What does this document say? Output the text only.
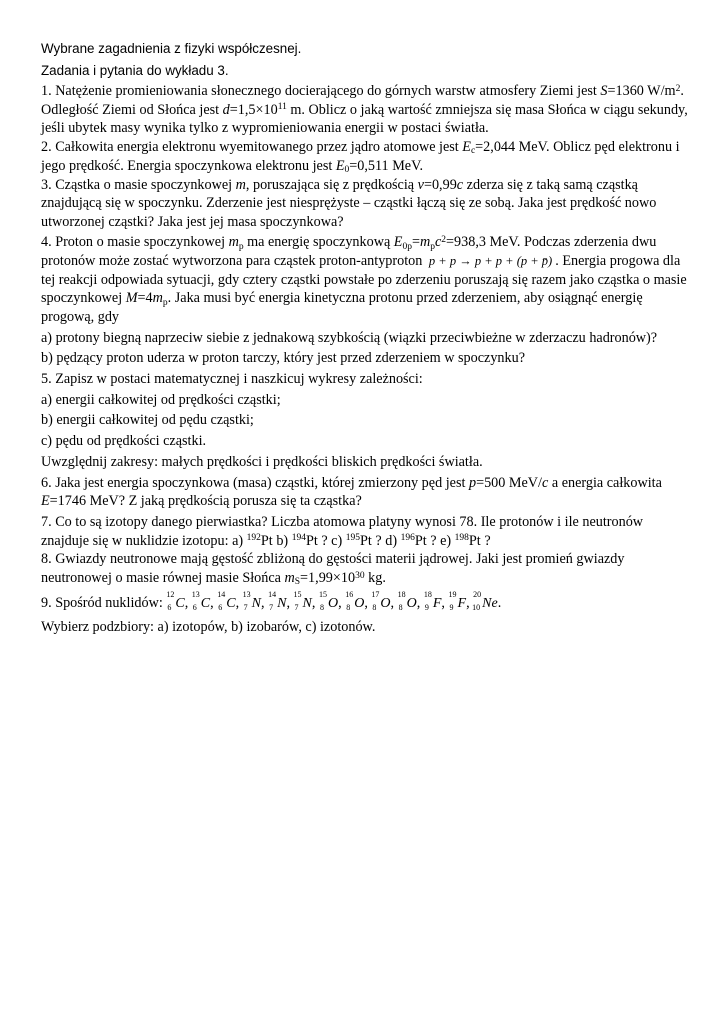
Wybrane zagadnienia z fizyki współczesnej.
Zadania i pytania do wykładu 3.
1. Natężenie promieniowania słonecznego docierającego do górnych warstw atmosfery Ziemi jest S=1360 $W/m^2$. Odległość Ziemi od Słońca jest $d=1,5\times 10^{11}$ m. Oblicz o jaką wartość zmniejsza się masa Słońca w ciągu sekundy, jeśli ubytek masy wynika tylko z wypromieniowania energii w postaci światła.
2. Całkowita energia elektronu wyemitowanego przez jądro atomowe jest $E_c=2,044$ MeV. Oblicz pęd elektronu i jego prędkość. Energia spoczynkowa elektronu jest $E_0=0,511$ MeV.
3. Cząstka o masie spoczynkowej m, poruszająca się z prędkością v=0,99c zderza się z taką samą cząstką znajdującą się w spoczynku. Zderzenie jest niesprężyste – cząstki łączą się ze sobą. Jaka jest prędkość nowo utworzonej cząstki? Jaka jest jej masa spoczynkowa?
4. Proton o masie spoczynkowej $m_p$ ma energię spoczynkową $E_{0p}=m_pc^2=938,3$ MeV. Podczas zderzenia dwu protonów może zostać wytworzona para cząstek proton-antyproton p + p → p + p + (p + p̄) . Energia progowa dla tej reakcji odpowiada sytuacji, gdy cztery cząstki powstałe po zderzeniu poruszają się razem jako cząstka o masie spoczynkowej $M=4m_p$. Jaka musi być energia kinetyczna protonu przed zderzeniem, aby osiągnąć energię progową, gdy
a) protony biegną naprzeciw siebie z jednakową szybkością (wiązki przeciwbieżne w zderzaczu hadronów)?
b) pędzący proton uderza w proton tarczy, który jest przed zderzeniem w spoczynku?
5. Zapisz w postaci matematycznej i naszkicuj wykresy zależności:
a) energii całkowitej od prędkości cząstki;
b) energii całkowitej od pędu cząstki;
c) pędu od prędkości cząstki.
Uwzględnij zakresy: małych prędkości i prędkości bliskich prędkości światła.
6. Jaka jest energia spoczynkowa (masa) cząstki, której zmierzony pęd jest p=500 MeV/c a energia całkowita E=1746 MeV? Z jaką prędkością porusza się ta cząstka?
7. Co to są izotopy danego pierwiastka? Liczba atomowa platyny wynosi 78. Ile protonów i ile neutronów znajduje się w nuklidzie izotopu: a) $^{192}$Pt b) $^{194}$Pt ? c) $^{195}$Pt ? d) $^{196}$Pt ? e) $^{198}$Pt ?
8. Gwiazdy neutronowe mają gęstość zbliżoną do gęstości materii jądrowej. Jaki jest promień gwiazdy neutronowej o masie równej masie Słońca $m_S=1,99\times 10^{30}$ kg.
9. Spośród nuklidów:
12
6 C,
13
6 C,
14
6 C,
13
7 N,
14
7 N,
15
7 N,
15
8 O,
16
8 O,
17
8 O,
18
8 O,
18
9 F,
19
9 F,
20
10 Ne.
Wybierz podzbiory: a) izotopów, b) izobarów, c) izotonów.
